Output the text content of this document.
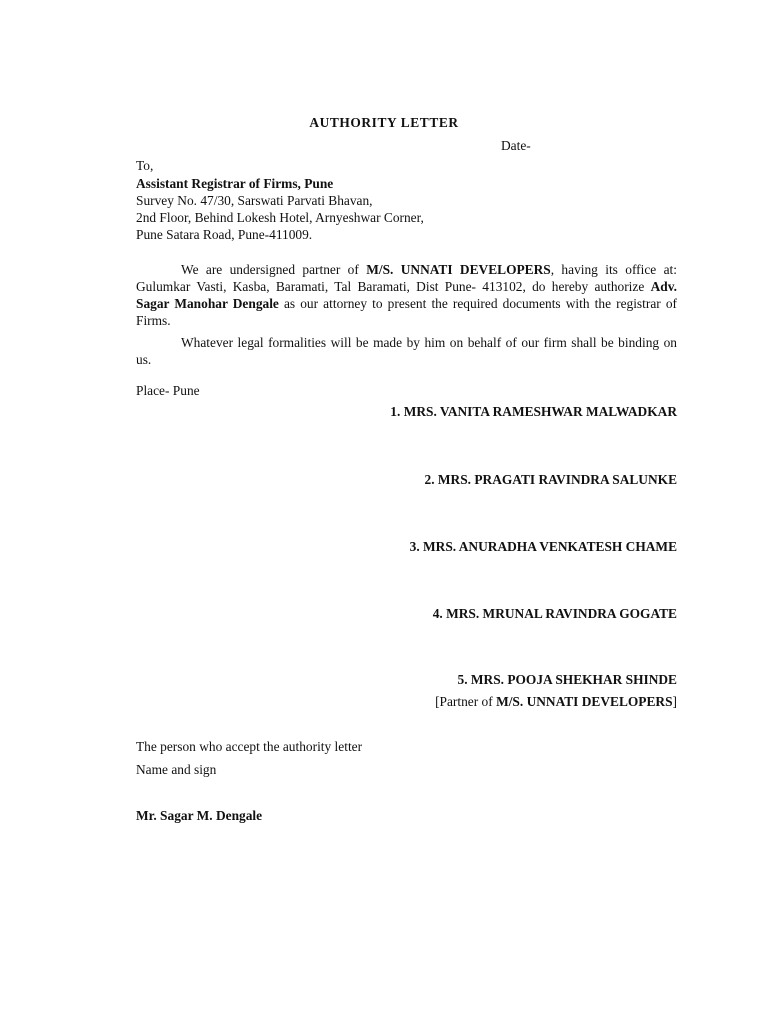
AUTHORITY LETTER
Date-
To,
Assistant Registrar of Firms, Pune
Survey No. 47/30, Sarswati Parvati Bhavan,
2nd Floor, Behind Lokesh Hotel, Arnyeshwar Corner,
Pune Satara Road, Pune-411009.

We are undersigned partner of M/S. UNNATI DEVELOPERS, having its office at: Gulumkar Vasti, Kasba, Baramati, Tal Baramati, Dist Pune- 413102, do hereby authorize Adv. Sagar Manohar Dengale as our attorney to present the required documents with the registrar of Firms.

Whatever legal formalities will be made by him on behalf of our firm shall be binding on us.

Place- Pune
1. MRS. VANITA RAMESHWAR MALWADKAR
2. MRS. PRAGATI RAVINDRA SALUNKE
3. MRS. ANURADHA VENKATESH CHAME
4. MRS. MRUNAL RAVINDRA GOGATE
5. MRS. POOJA SHEKHAR SHINDE
[Partner of M/S. UNNATI DEVELOPERS]
The person who accept the authority letter
Name and sign
Mr. Sagar M. Dengale
